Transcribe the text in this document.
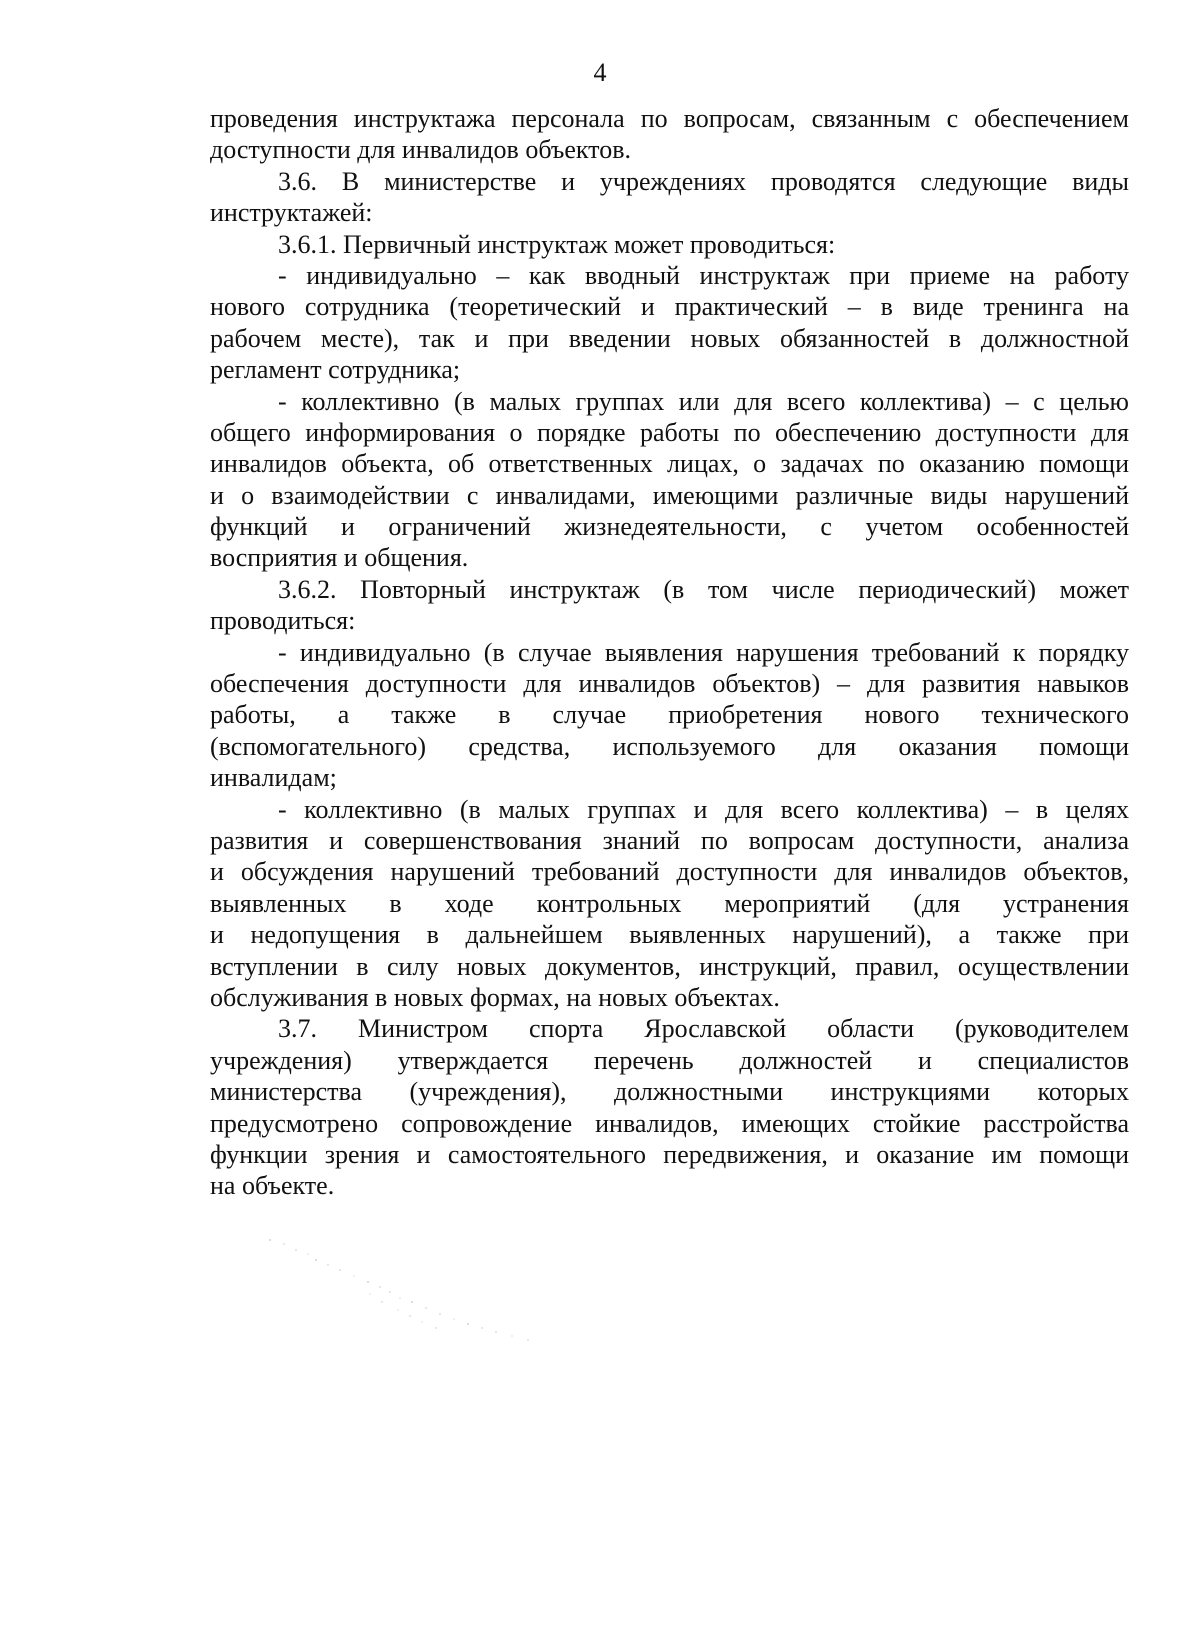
4
проведения инструктажа персонала по вопросам, связанным с обеспечением
доступности для инвалидов объектов.
3.6. В министерстве и учреждениях проводятся следующие виды
инструктажей:
3.6.1. Первичный инструктаж может проводиться:
- индивидуально – как вводный инструктаж при приеме на работу
нового сотрудника (теоретический и практический – в виде тренинга на
рабочем месте), так и при введении новых обязанностей в должностной
регламент сотрудника;
- коллективно (в малых группах или для всего коллектива) – с целью
общего информирования о порядке работы по обеспечению доступности для
инвалидов объекта, об ответственных лицах, о задачах по оказанию помощи
и о взаимодействии с инвалидами, имеющими различные виды нарушений
функций и ограничений жизнедеятельности, с учетом особенностей
восприятия и общения.
3.6.2. Повторный инструктаж (в том числе периодический) может
проводиться:
- индивидуально (в случае выявления нарушения требований к порядку
обеспечения доступности для инвалидов объектов) – для развития навыков
работы, а также в случае приобретения нового технического
(вспомогательного) средства, используемого для оказания помощи
инвалидам;
- коллективно (в малых группах и для всего коллектива) – в целях
развития и совершенствования знаний по вопросам доступности, анализа
и обсуждения нарушений требований доступности для инвалидов объектов,
выявленных в ходе контрольных мероприятий (для устранения
и недопущения в дальнейшем выявленных нарушений), а также при
вступлении в силу новых документов, инструкций, правил, осуществлении
обслуживания в новых формах, на новых объектах.
3.7. Министром спорта Ярославской области (руководителем
учреждения) утверждается перечень должностей и специалистов
министерства (учреждения), должностными инструкциями которых
предусмотрено сопровождение инвалидов, имеющих стойкие расстройства
функции зрения и самостоятельного передвижения, и оказание им помощи
на объекте.
